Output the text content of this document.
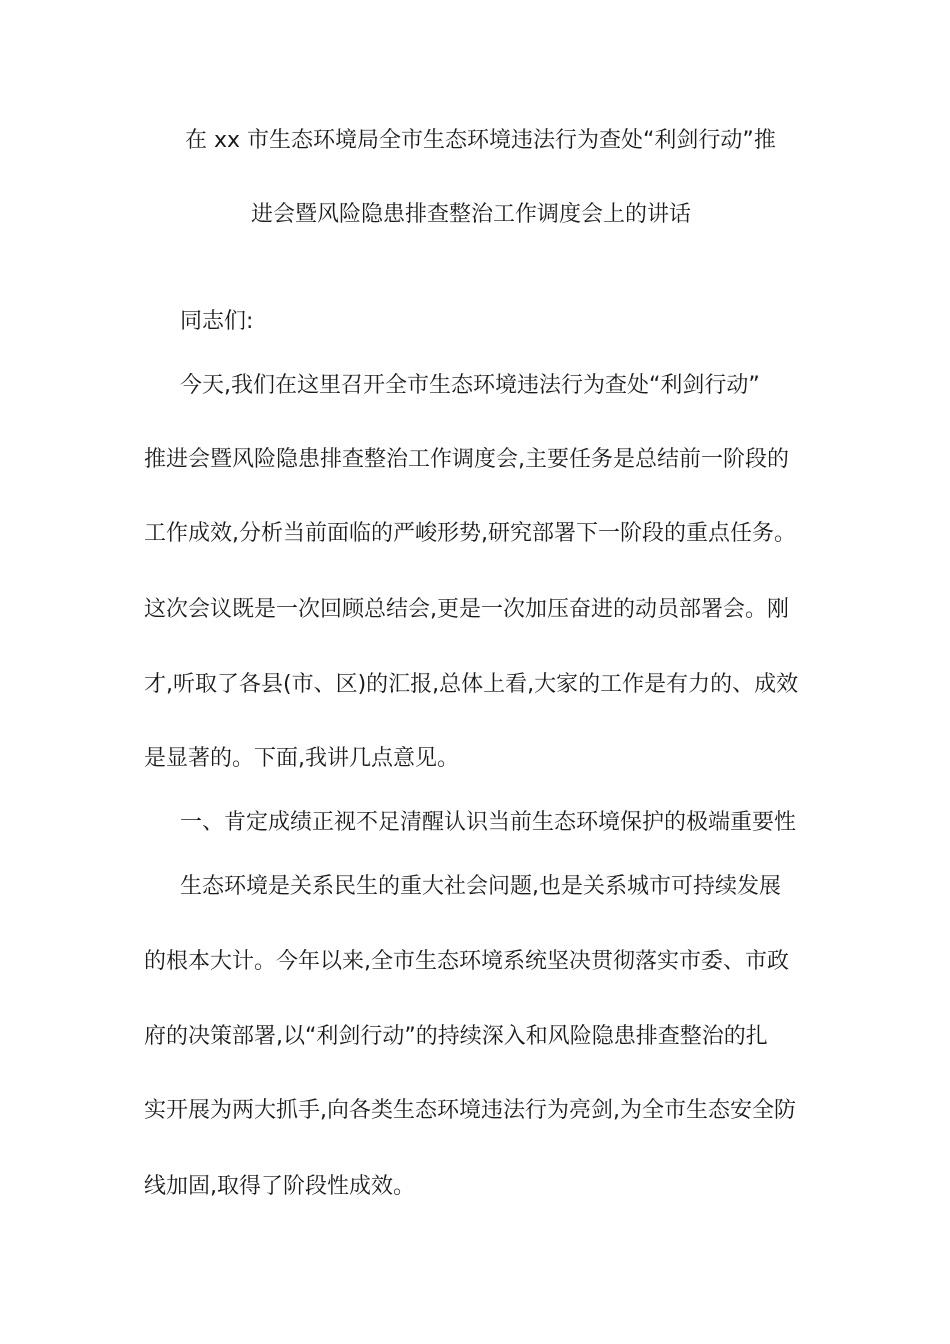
在 xx 市生态环境局全市生态环境违法行为查处“利剑行动”推
进会暨风险隐患排查整治工作调度会上的讲话
同志们:
今天,我们在这里召开全市生态环境违法行为查处“利剑行动”
推进会暨风险隐患排查整治工作调度会,主要任务是总结前一阶段的
工作成效,分析当前面临的严峻形势,研究部署下一阶段的重点任务。
这次会议既是一次回顾总结会,更是一次加压奋进的动员部署会。刚
才,听取了各县(市、区)的汇报,总体上看,大家的工作是有力的、成效
是显著的。下面,我讲几点意见。
一、肯定成绩正视不足清醒认识当前生态环境保护的极端重要性
生态环境是关系民生的重大社会问题,也是关系城市可持续发展
的根本大计。今年以来,全市生态环境系统坚决贯彻落实市委、市政
府的决策部署,以“利剑行动”的持续深入和风险隐患排查整治的扎
实开展为两大抓手,向各类生态环境违法行为亮剑,为全市生态安全防
线加固,取得了阶段性成效。
